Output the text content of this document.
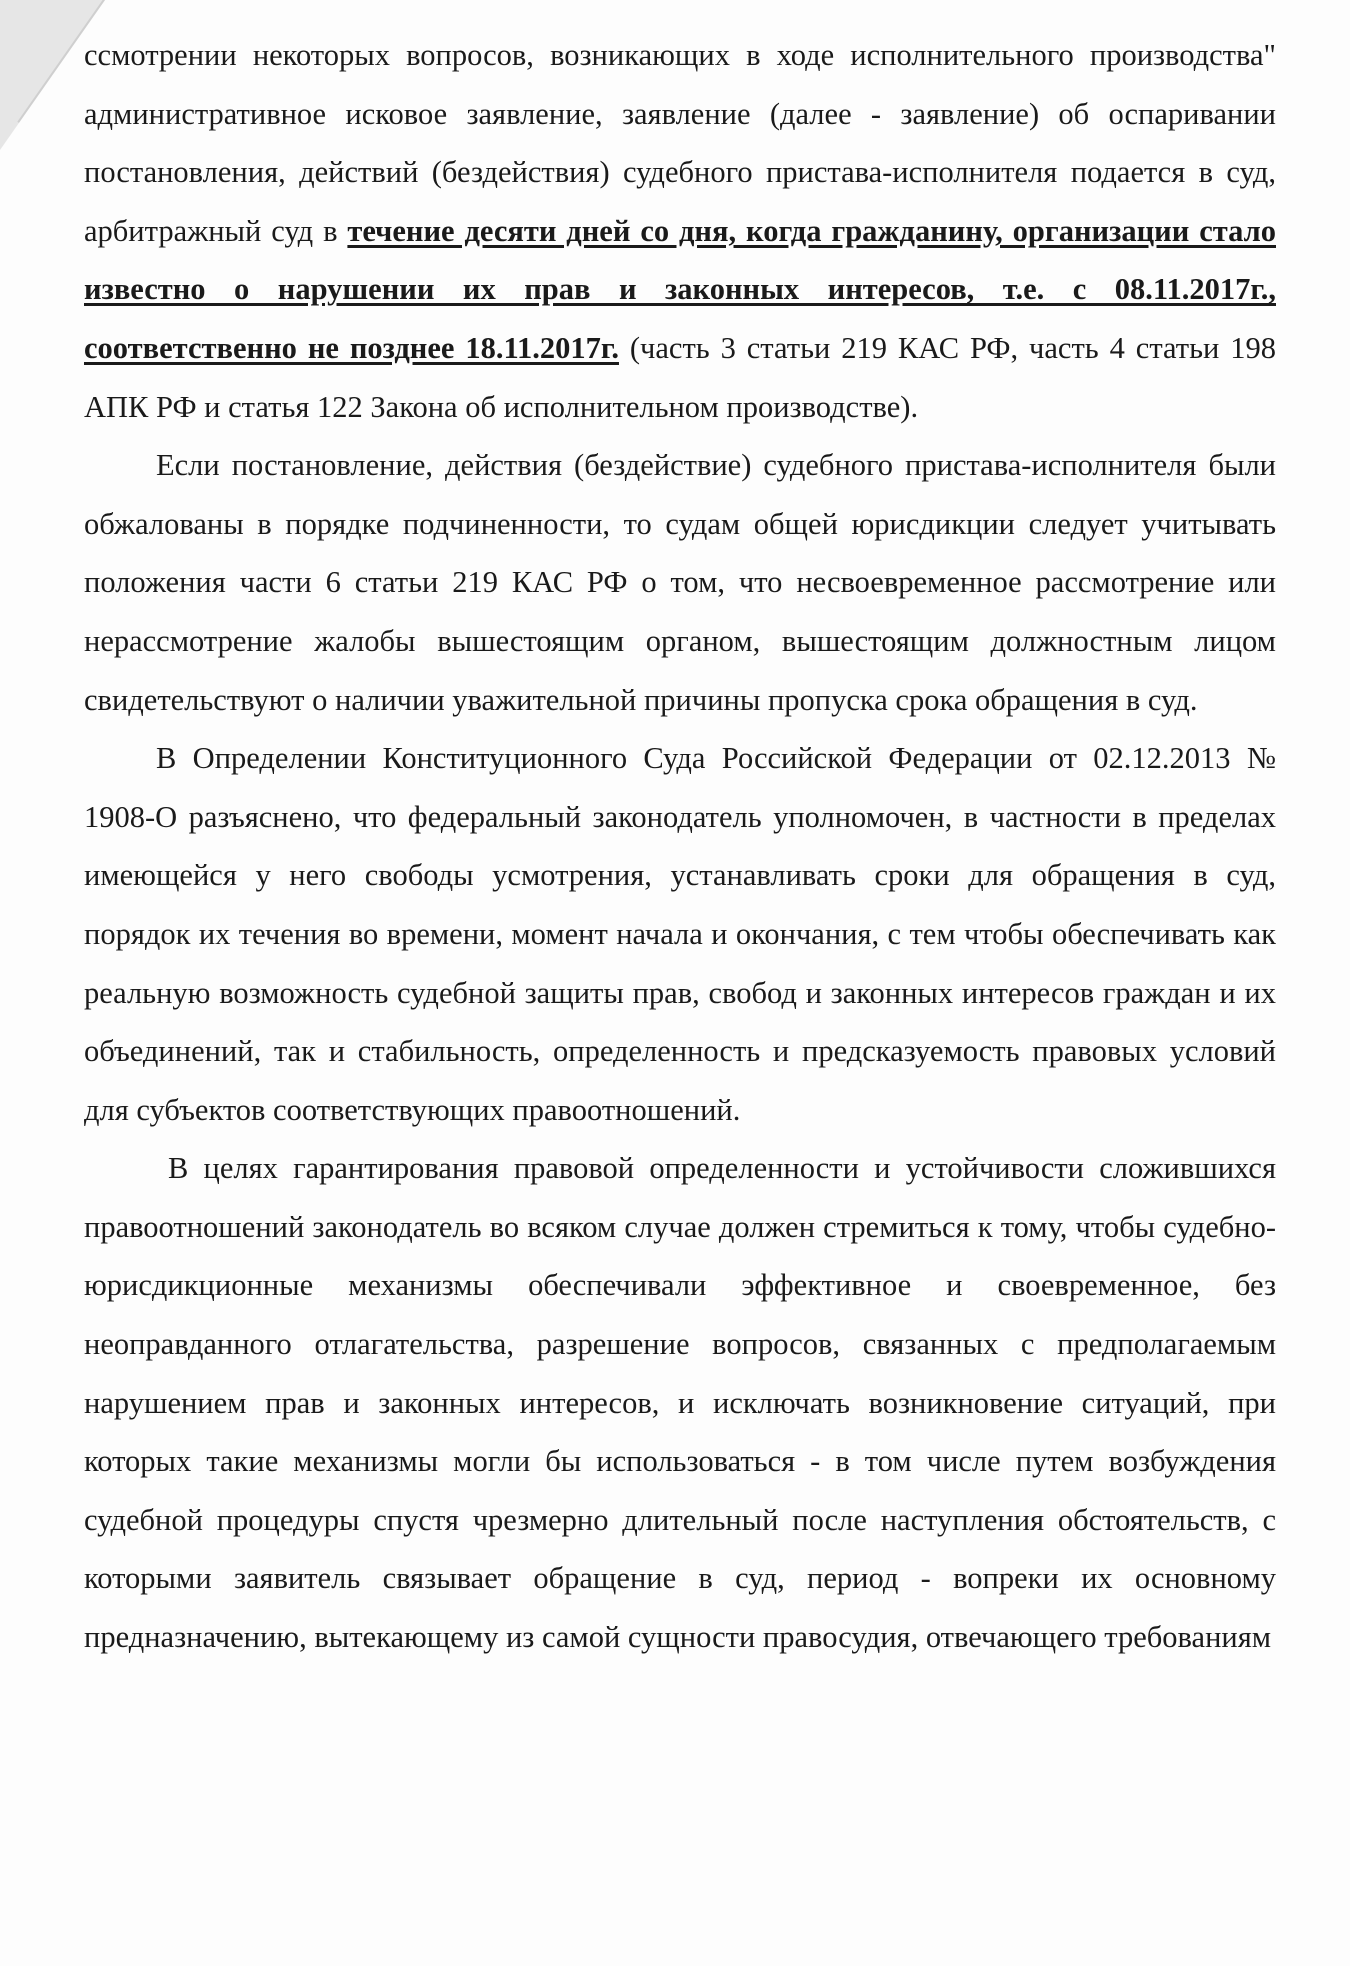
ссмотрении некоторых вопросов, возникающих в ходе исполнительного производства" административное исковое заявление, заявление (далее - заявление) об оспаривании постановления, действий (бездействия) судебного пристава-исполнителя подается в суд, арбитражный суд в течение десяти дней со дня, когда гражданину, организации стало известно о нарушении их прав и законных интересов, т.е. с 08.11.2017г., соответственно не позднее 18.11.2017г. (часть 3 статьи 219 КАС РФ, часть 4 статьи 198 АПК РФ и статья 122 Закона об исполнительном производстве).

Если постановление, действия (бездействие) судебного пристава-исполнителя были обжалованы в порядке подчиненности, то судам общей юрисдикции следует учитывать положения части 6 статьи 219 КАС РФ о том, что несвоевременное рассмотрение или нерассмотрение жалобы вышестоящим органом, вышестоящим должностным лицом свидетельствуют о наличии уважительной причины пропуска срока обращения в суд.

В Определении Конституционного Суда Российской Федерации от 02.12.2013 № 1908-О разъяснено, что федеральный законодатель уполномочен, в частности в пределах имеющейся у него свободы усмотрения, устанавливать сроки для обращения в суд, порядок их течения во времени, момент начала и окончания, с тем чтобы обеспечивать как реальную возможность судебной защиты прав, свобод и законных интересов граждан и их объединений, так и стабильность, определенность и предсказуемость правовых условий для субъектов соответствующих правоотношений.

В целях гарантирования правовой определенности и устойчивости сложившихся правоотношений законодатель во всяком случае должен стремиться к тому, чтобы судебно-юрисдикционные механизмы обеспечивали эффективное и своевременное, без неоправданного отлагательства, разрешение вопросов, связанных с предполагаемым нарушением прав и законных интересов, и исключать возникновение ситуаций, при которых такие механизмы могли бы использоваться - в том числе путем возбуждения судебной процедуры спустя чрезмерно длительный после наступления обстоятельств, с которыми заявитель связывает обращение в суд, период - вопреки их основному предназначению, вытекающему из самой сущности правосудия, отвечающего требованиям
